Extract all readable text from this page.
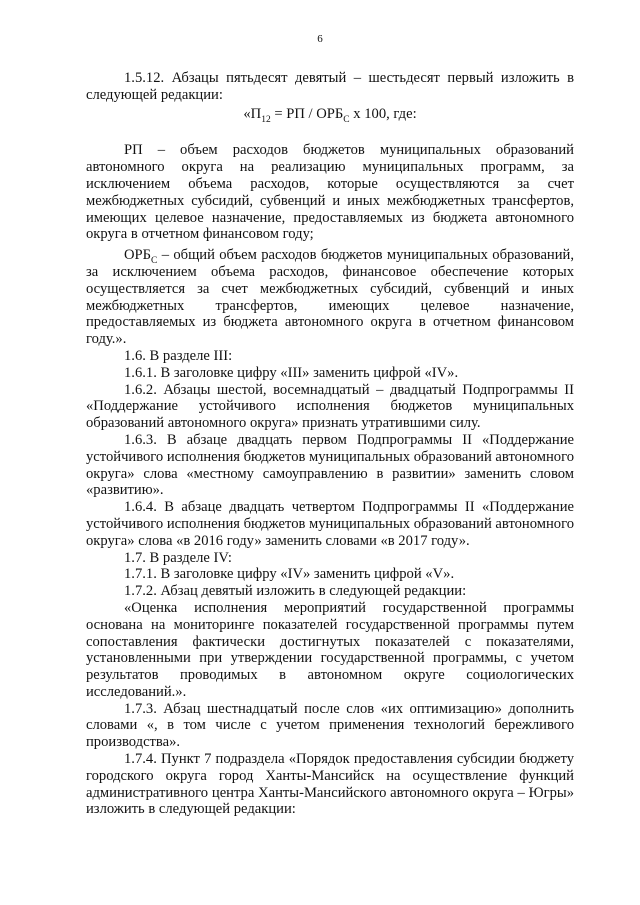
6

1.5.12. Абзацы пятьдесят девятый – шестьдесят первый изложить в следующей редакции:

«$П_{12}$ = РП / $ОРБ_С$ х 100, где:

РП – объем расходов бюджетов муниципальных образований автономного округа на реализацию муниципальных программ, за исключением объема расходов, которые осуществляются за счет межбюджетных субсидий, субвенций и иных межбюджетных трансфертов, имеющих целевое назначение, предоставляемых из бюджета автономного округа в отчетном финансовом году;

$ОРБ_С$ – общий объем расходов бюджетов муниципальных образований, за исключением объема расходов, финансовое обеспечение которых осуществляется за счет межбюджетных субсидий, субвенций и иных межбюджетных трансфертов, имеющих целевое назначение, предоставляемых из бюджета автономного округа в отчетном финансовом году.».

1.6. В разделе III:

1.6.1. В заголовке цифру «III» заменить цифрой «IV».

1.6.2. Абзацы шестой, восемнадцатый – двадцатый Подпрограммы II «Поддержание устойчивого исполнения бюджетов муниципальных образований автономного округа» признать утратившими силу.

1.6.3. В абзаце двадцать первом Подпрограммы II «Поддержание устойчивого исполнения бюджетов муниципальных образований автономного округа» слова «местному самоуправлению в развитии» заменить словом «развитию».

1.6.4. В абзаце двадцать четвертом Подпрограммы II «Поддержание устойчивого исполнения бюджетов муниципальных образований автономного округа» слова «в 2016 году» заменить словами «в 2017 году».

1.7. В разделе IV:

1.7.1. В заголовке цифру «IV» заменить цифрой «V».

1.7.2. Абзац девятый изложить в следующей редакции:

«Оценка исполнения мероприятий государственной программы основана на мониторинге показателей государственной программы путем сопоставления фактически достигнутых показателей с показателями, установленными при утверждении государственной программы, с учетом результатов проводимых в автономном округе социологических исследований.».

1.7.3. Абзац шестнадцатый после слов «их оптимизацию» дополнить словами «, в том числе с учетом применения технологий бережливого производства».

1.7.4. Пункт 7 подраздела «Порядок предоставления субсидии бюджету городского округа город Ханты-Мансийск на осуществление функций административного центра Ханты-Мансийского автономного округа – Югры» изложить в следующей редакции:
